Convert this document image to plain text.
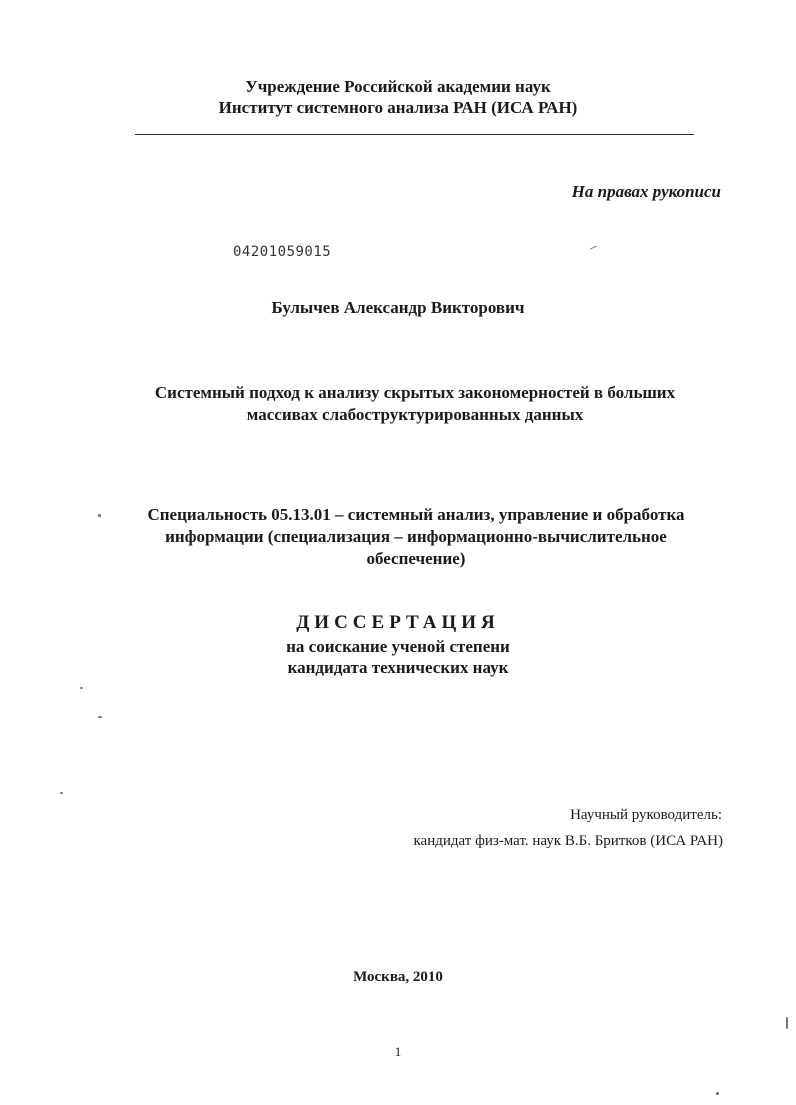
Учреждение Российской академии наук
Институт системного анализа РАН (ИСА РАН)
На правах рукописи
04201059015
Булычев Александр Викторович
Системный подход к анализу скрытых закономерностей в больших
массивах слабоструктурированных данных
Специальность 05.13.01 – системный анализ, управление и обработка
информации (специализация – информационно-вычислительное
обеспечение)
ДИССЕРТАЦИЯ
на соискание ученой степени
кандидата технических наук
Научный руководитель:
кандидат физ-мат. наук В.Б. Бритков (ИСА РАН)
Москва, 2010
1
